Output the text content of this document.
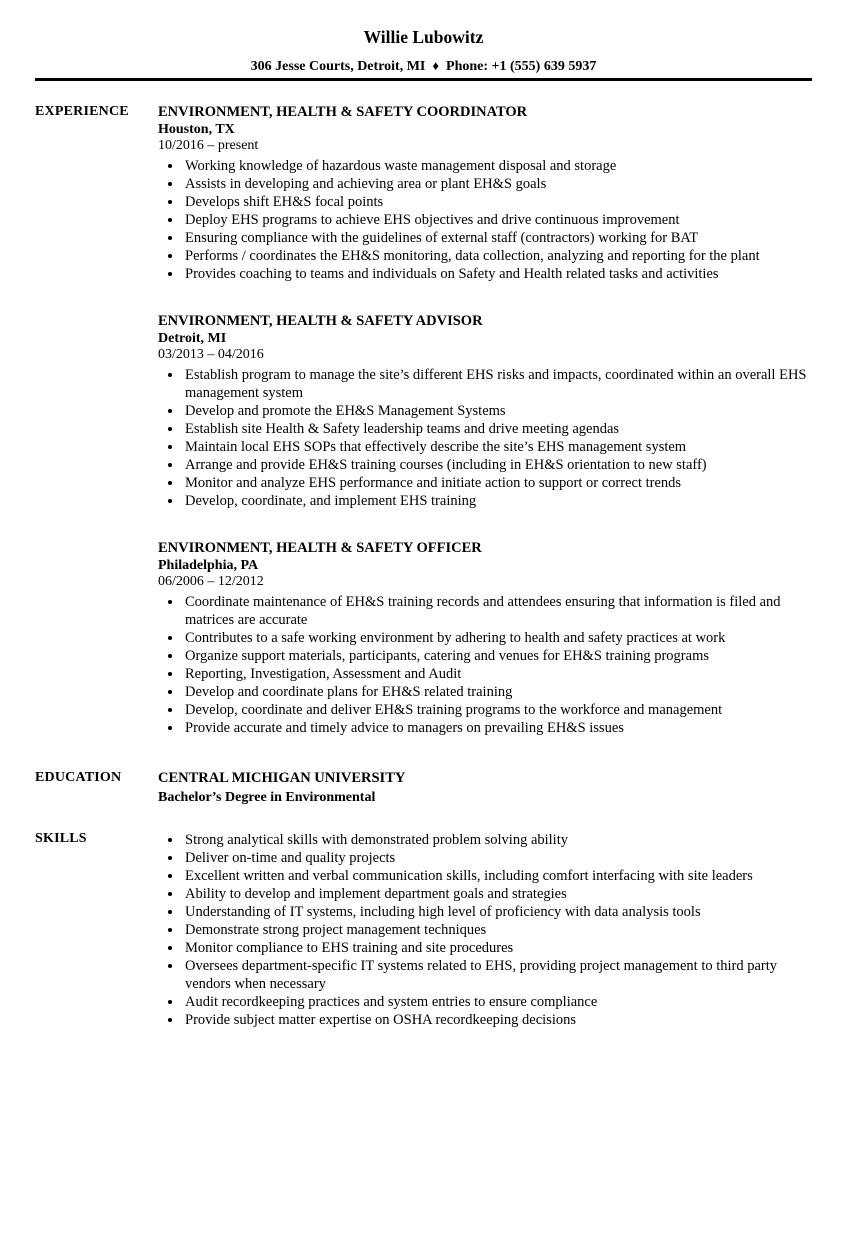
Willie Lubowitz
306 Jesse Courts, Detroit, MI ♦ Phone: +1 (555) 639 5937
EXPERIENCE	ENVIRONMENT, HEALTH & SAFETY COORDINATOR
Houston, TX
10/2016 – present
• Working knowledge of hazardous waste management disposal and storage
• Assists in developing and achieving area or plant EH&S goals
• Develops shift EH&S focal points
• Deploy EHS programs to achieve EHS objectives and drive continuous improvement
• Ensuring compliance with the guidelines of external staff (contractors) working for BAT
• Performs / coordinates the EH&S monitoring, data collection, analyzing and reporting for the plant
• Provides coaching to teams and individuals on Safety and Health related tasks and activities
ENVIRONMENT, HEALTH & SAFETY ADVISOR
Detroit, MI
03/2013 – 04/2016
• Establish program to manage the site’s different EHS risks and impacts, coordinated within an overall EHS management system
• Develop and promote the EH&S Management Systems
• Establish site Health & Safety leadership teams and drive meeting agendas
• Maintain local EHS SOPs that effectively describe the site’s EHS management system
• Arrange and provide EH&S training courses (including in EH&S orientation to new staff)
• Monitor and analyze EHS performance and initiate action to support or correct trends
• Develop, coordinate, and implement EHS training
ENVIRONMENT, HEALTH & SAFETY OFFICER
Philadelphia, PA
06/2006 – 12/2012
• Coordinate maintenance of EH&S training records and attendees ensuring that information is filed and matrices are accurate
• Contributes to a safe working environment by adhering to health and safety practices at work
• Organize support materials, participants, catering and venues for EH&S training programs
• Reporting, Investigation, Assessment and Audit
• Develop and coordinate plans for EH&S related training
• Develop, coordinate and deliver EH&S training programs to the workforce and management
• Provide accurate and timely advice to managers on prevailing EH&S issues
EDUCATION	CENTRAL MICHIGAN UNIVERSITY
Bachelor’s Degree in Environmental
SKILLS	• Strong analytical skills with demonstrated problem solving ability
• Deliver on-time and quality projects
• Excellent written and verbal communication skills, including comfort interfacing with site leaders
• Ability to develop and implement department goals and strategies
• Understanding of IT systems, including high level of proficiency with data analysis tools
• Demonstrate strong project management techniques
• Monitor compliance to EHS training and site procedures
• Oversees department-specific IT systems related to EHS, providing project management to third party vendors when necessary
• Audit recordkeeping practices and system entries to ensure compliance
• Provide subject matter expertise on OSHA recordkeeping decisions
